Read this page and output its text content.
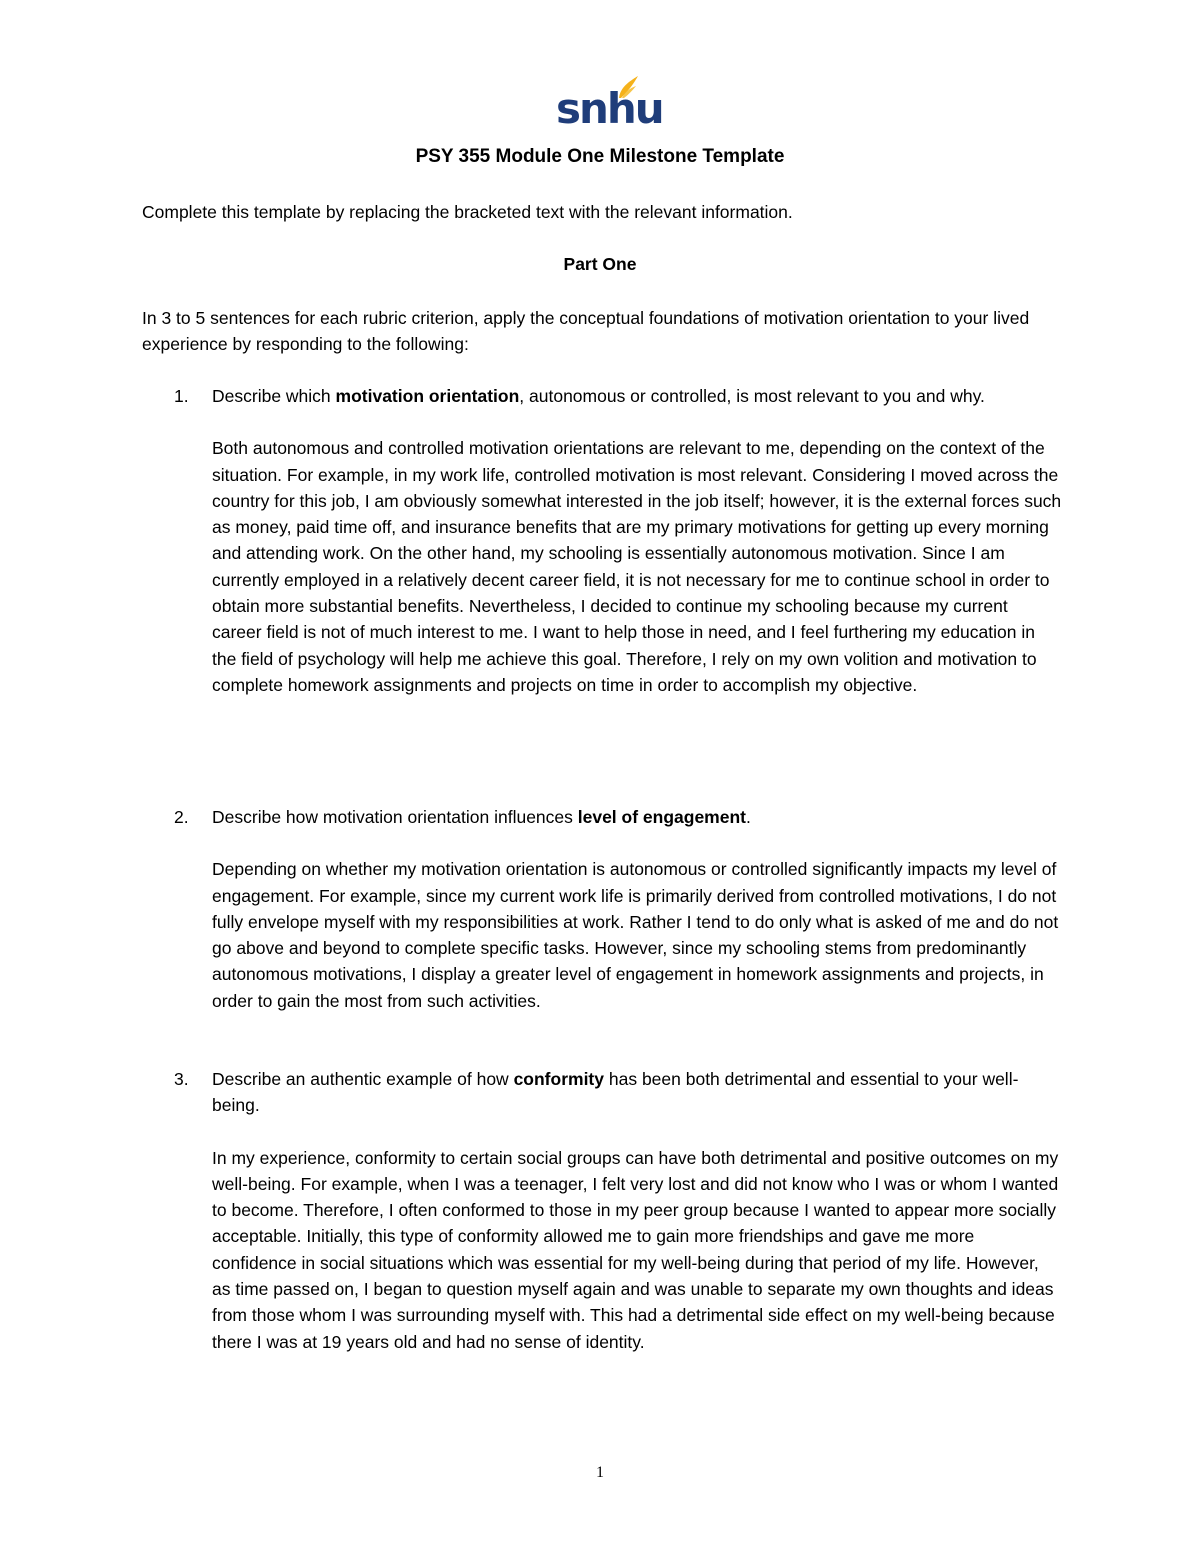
snhu
PSY 355 Module One Milestone Template
Complete this template by replacing the bracketed text with the relevant information.
Part One
In 3 to 5 sentences for each rubric criterion, apply the conceptual foundations of motivation orientation to your lived experience by responding to the following:
1.	Describe which motivation orientation, autonomous or controlled, is most relevant to you and why.
Both autonomous and controlled motivation orientations are relevant to me, depending on the context of the situation. For example, in my work life, controlled motivation is most relevant. Considering I moved across the country for this job, I am obviously somewhat interested in the job itself; however, it is the external forces such as money, paid time off, and insurance benefits that are my primary motivations for getting up every morning and attending work. On the other hand, my schooling is essentially autonomous motivation. Since I am currently employed in a relatively decent career field, it is not necessary for me to continue school in order to obtain more substantial benefits. Nevertheless, I decided to continue my schooling because my current career field is not of much interest to me. I want to help those in need, and I feel furthering my education in the field of psychology will help me achieve this goal. Therefore, I rely on my own volition and motivation to complete homework assignments and projects on time in order to accomplish my objective.
2.	Describe how motivation orientation influences level of engagement.
Depending on whether my motivation orientation is autonomous or controlled significantly impacts my level of engagement. For example, since my current work life is primarily derived from controlled motivations, I do not fully envelope myself with my responsibilities at work. Rather I tend to do only what is asked of me and do not go above and beyond to complete specific tasks. However, since my schooling stems from predominantly autonomous motivations, I display a greater level of engagement in homework assignments and projects, in order to gain the most from such activities.
3.	Describe an authentic example of how conformity has been both detrimental and essential to your well-being.
In my experience, conformity to certain social groups can have both detrimental and positive outcomes on my well-being. For example, when I was a teenager, I felt very lost and did not know who I was or whom I wanted to become. Therefore, I often conformed to those in my peer group because I wanted to appear more socially acceptable. Initially, this type of conformity allowed me to gain more friendships and gave me more confidence in social situations which was essential for my well-being during that period of my life. However, as time passed on, I began to question myself again and was unable to separate my own thoughts and ideas from those whom I was surrounding myself with. This had a detrimental side effect on my well-being because there I was at 19 years old and had no sense of identity.
1
